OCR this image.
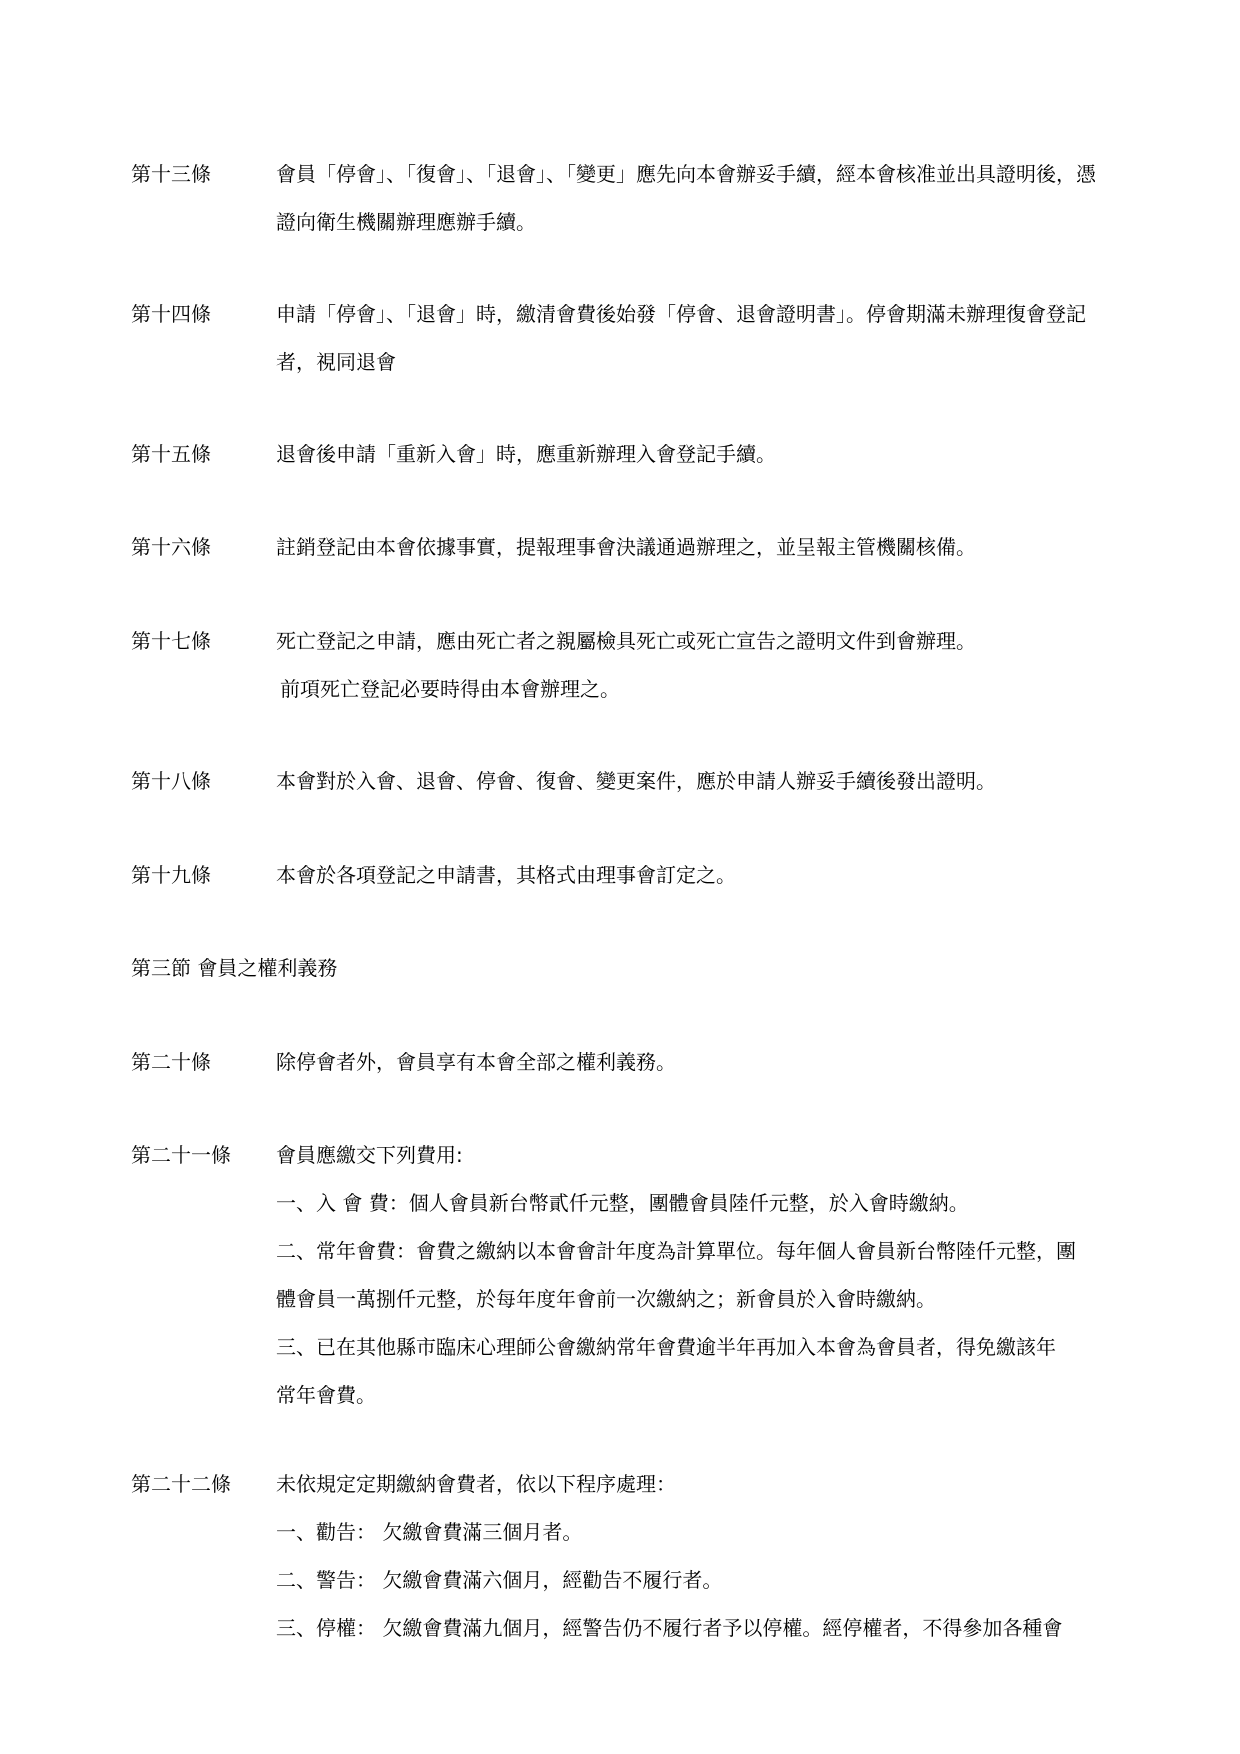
第十三條	會員「停會」、「復會」、「退會」、「變更」應先向本會辦妥手續，經本會核准並出具證明後，憑
證向衛生機關辦理應辦手續。
第十四條	申請「停會」、「退會」時，繳清會費後始發「停會、退會證明書」。停會期滿未辦理復會登記
者，視同退會
第十五條	退會後申請「重新入會」時，應重新辦理入會登記手續。
第十六條	註銷登記由本會依據事實，提報理事會決議通過辦理之，並呈報主管機關核備。
第十七條	死亡登記之申請，應由死亡者之親屬檢具死亡或死亡宣告之證明文件到會辦理。
前項死亡登記必要時得由本會辦理之。
第十八條	本會對於入會、退會、停會、復會、變更案件，應於申請人辦妥手續後發出證明。
第十九條	本會於各項登記之申請書，其格式由理事會訂定之。
第三節 會員之權利義務
第二十條	除停會者外，會員享有本會全部之權利義務。
第二十一條 會員應繳交下列費用:
一、入 會 費：個人會員新台幣貳仟元整，團體會員陸仟元整，於入會時繳納。
二、常年會費：會費之繳納以本會會計年度為計算單位。每年個人會員新台幣陸仟元整，團
體會員一萬捌仟元整，於每年度年會前一次繳納之；新會員於入會時繳納。
三、已在其他縣市臨床心理師公會繳納常年會費逾半年再加入本會為會員者，得免繳該年
常年會費。
第二十二條 未依規定定期繳納會費者，依以下程序處理：
一、勸告： 欠繳會費滿三個月者。
二、警告： 欠繳會費滿六個月，經勸告不履行者。
三、停權： 欠繳會費滿九個月，經警告仍不履行者予以停權。經停權者，不得參加各種會
